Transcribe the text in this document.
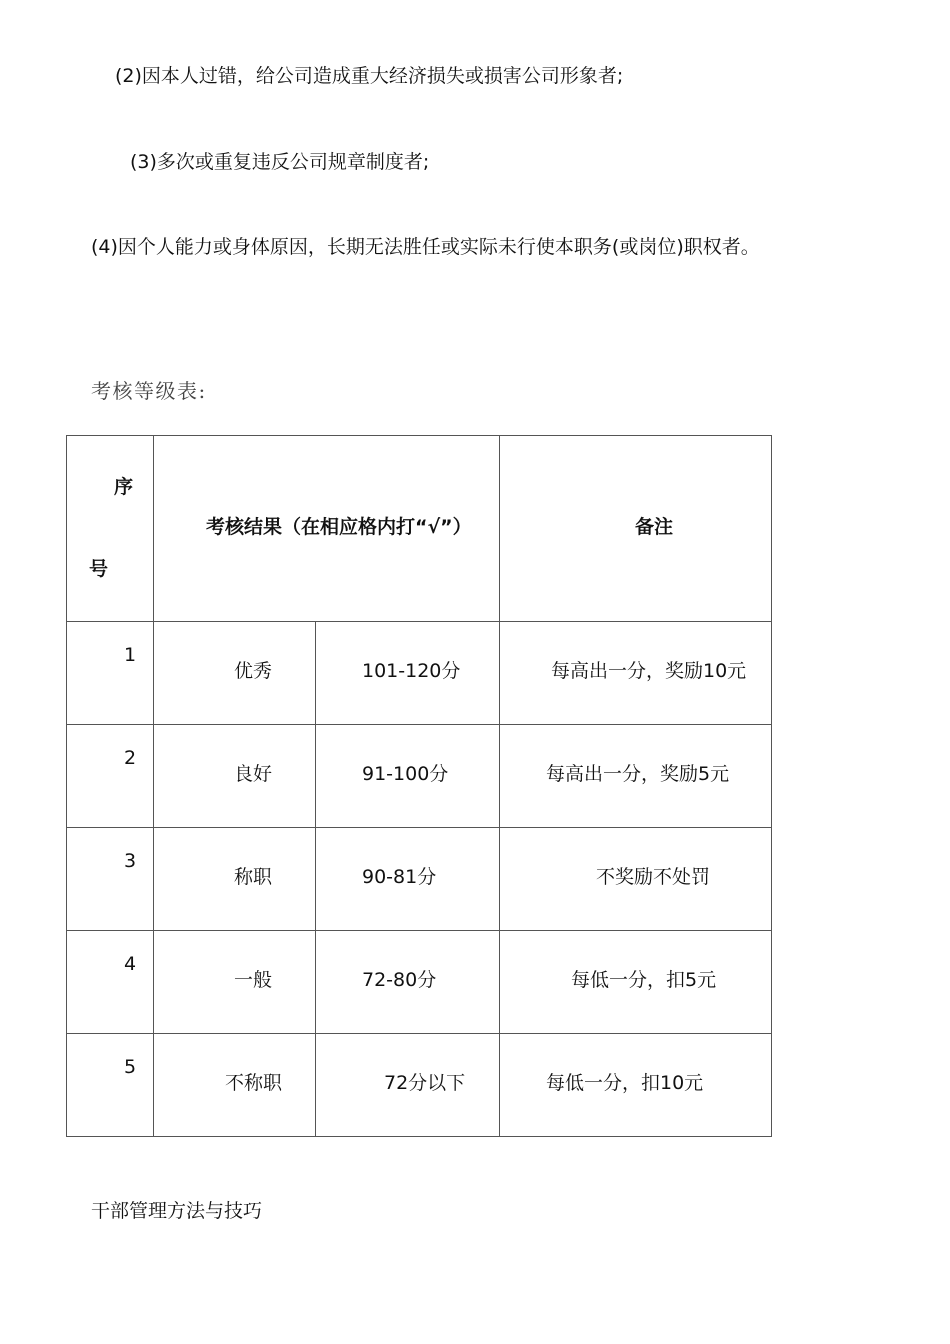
(2)因本人过错，给公司造成重大经济损失或损害公司形象者;
(3)多次或重复违反公司规章制度者;
(4)因个人能力或身体原因，长期无法胜任或实际未行使本职务(或岗位)职权者。
考核等级表:
序
号	考核结果（在相应格内打“√”）		备注

1	优秀	101-120分	每高出一分，奖励10元

2	良好	91-100分	每高出一分，奖励5元

3	称职	90-81分	不奖励不处罚

4	一般	72-80分	每低一分，扣5元

5	不称职	72分以下	每低一分，扣10元
干部管理方法与技巧
